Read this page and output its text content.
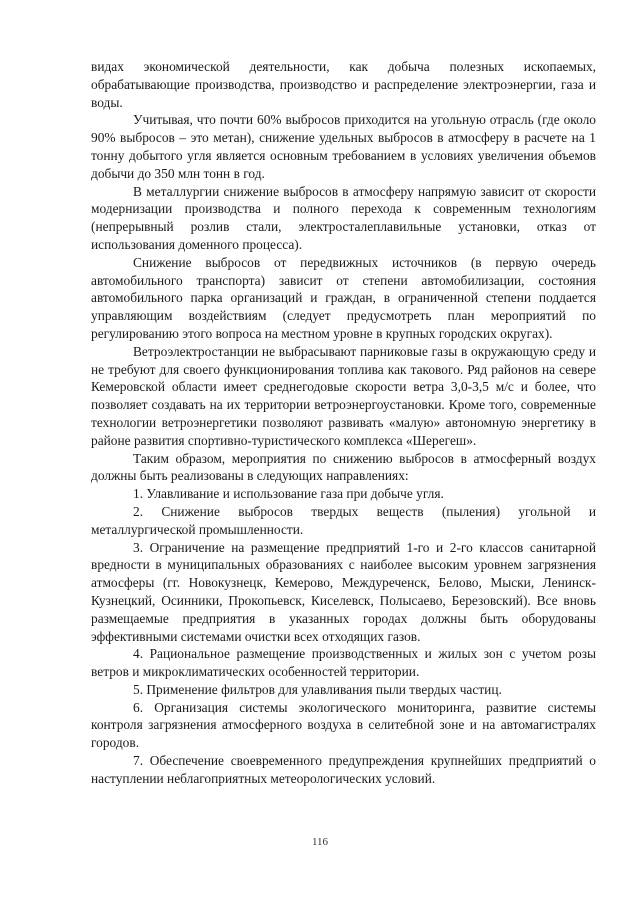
видах экономической деятельности, как добыча полезных ископаемых, обрабатывающие производства, производство и распределение электроэнергии, газа и воды.

Учитывая, что почти 60% выбросов приходится на угольную отрасль (где около 90% выбросов – это метан), снижение удельных выбросов в атмосферу в расчете на 1 тонну добытого угля является основным требованием в условиях увеличения объемов добычи до 350 млн тонн в год.

В металлургии снижение выбросов в атмосферу напрямую зависит от скорости модернизации производства и полного перехода к современным технологиям (непрерывный розлив стали, электросталеплавильные установки, отказ от использования доменного процесса).

Снижение выбросов от передвижных источников (в первую очередь автомобильного транспорта) зависит от степени автомобилизации, состояния автомобильного парка организаций и граждан, в ограниченной степени поддается управляющим воздействиям (следует предусмотреть план мероприятий по регулированию этого вопроса на местном уровне в крупных городских округах).

Ветроэлектростанции не выбрасывают парниковые газы в окружающую среду и не требуют для своего функционирования топлива как такового. Ряд районов на севере Кемеровской области имеет среднегодовые скорости ветра 3,0-3,5 м/с и более, что позволяет создавать на их территории ветроэнергоустановки. Кроме того, современные технологии ветроэнергетики позволяют развивать «малую» автономную энергетику в районе развития спортивно-туристического комплекса «Шерегеш».

Таким образом, мероприятия по снижению выбросов в атмосферный воздух должны быть реализованы в следующих направлениях:

1. Улавливание и использование газа при добыче угля.

2. Снижение выбросов твердых веществ (пыления) угольной и металлургической промышленности.

3. Ограничение на размещение предприятий 1-го и 2-го классов санитарной вредности в муниципальных образованиях с наиболее высоким уровнем загрязнения атмосферы (гг. Новокузнецк, Кемерово, Междуреченск, Белово, Мыски, Ленинск-Кузнецкий, Осинники, Прокопьевск, Киселевск, Полысаево, Березовский). Все вновь размещаемые предприятия в указанных городах должны быть оборудованы эффективными системами очистки всех отходящих газов.

4. Рациональное размещение производственных и жилых зон с учетом розы ветров и микроклиматических особенностей территории.

5. Применение фильтров для улавливания пыли твердых частиц.

6. Организация системы экологического мониторинга, развитие системы контроля загрязнения атмосферного воздуха в селитебной зоне и на автомагистралях городов.

7. Обеспечение своевременного предупреждения крупнейших предприятий о наступлении неблагоприятных метеорологических условий.

116
